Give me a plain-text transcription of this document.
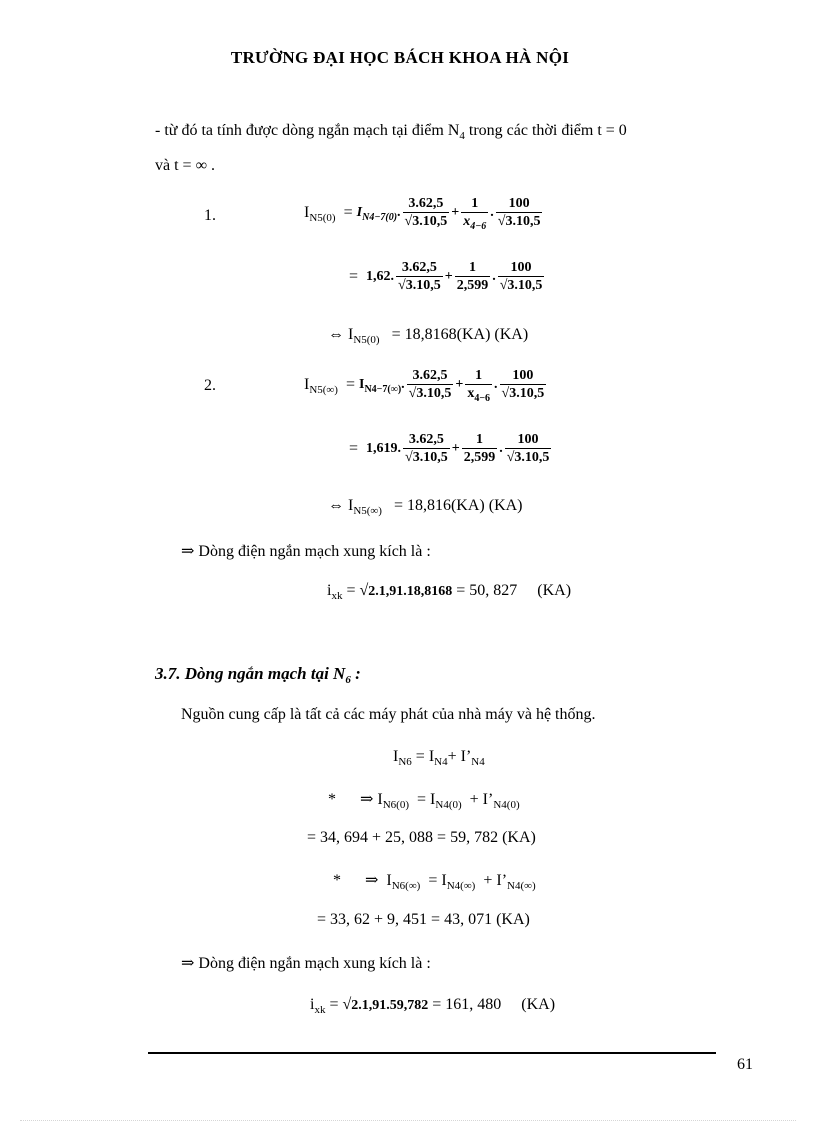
TRƯỜNG ĐẠI HỌC BÁCH KHOA HÀ NỘI
- từ đó ta tính được dòng ngắn mạch tại điểm $N_4$ trong các thời điểm t = 0
và t = ∞ .
1.	$I_{N5(0)}$
=
$I_{N4-7(0)}$ . $\frac{3.62,5}{√3.10,5} + \frac{1}{x_{4-6}}$ . $\frac{100}{√3.10,5}$
=
1,62 . $\frac{3.62,5}{√3.10,5} + \frac{1}{2,599}$ . $\frac{100}{√3.10,5}$
⇔ $I_{N5(0)} = 18,8168(KA)$ (KA)
2.	$I_{N5(\infty)}$
=
$I_{N4-7(\infty)}$ . $\frac{3.62,5}{√3.10,5} + \frac{1}{x_{4-6}}$ . $\frac{100}{√3.10,5}$
=
1,619 . $\frac{3.62,5}{√3.10,5} + \frac{1}{2,599}$ . $\frac{100}{√3.10,5}$
⇔ $I_{N5(\infty)} = 18,816(KA)$ (KA)
⇒ Dòng điện ngắn mạch xung kích là :
$i_{xk} = √2.1,91.18,8168 = 50$, 827 (KA)
3.7. Dòng ngắn mạch tại $N_6$ :
Nguồn cung cấp là tất cả các máy phát của nhà máy và hệ thống.
$I_{N6} = I_{N4}+$ $I’_{N4}$
* ⇒ $I_{N6(0)} = I_{N4(0)}$ + $I’_{N4(0)}$
= 34, 694 + 25, 088 = 59, 782 (KA)
* ⇒ $I_{N6(\infty)} = I_{N4(\infty)}$ + $I’_{N4(\infty)}$
= 33, 62 + 9, 451 = 43, 071 (KA)
⇒ Dòng điện ngắn mạch xung kích là :
$i_{xk} = √2.1,91.59,782 = 161$, 480 (KA)
61
